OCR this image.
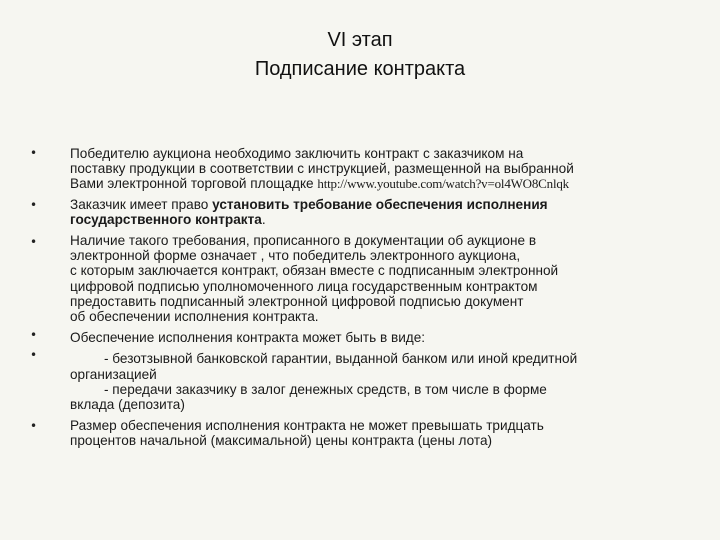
VI этап
Подписание контракта
•
•
•
•
•
•
Победителю аукциона необходимо заключить контракт с заказчиком на
поставку продукции в соответствии с инструкцией, размещенной на выбранной
Вами электронной торговой площадке http://www.youtube.com/watch?v=ol4WO8Cnlqk
Заказчик имеет право установить требование обеспечения исполнения
государственного контракта.
Наличие такого требования, прописанного в документации об аукционе в
электронной форме означает , что победитель электронного аукциона,
с которым заключается контракт, обязан вместе с подписанным электронной
цифровой подписью уполномоченного лица государственным контрактом
предоставить подписанный электронной цифровой подписью документ
об обеспечении исполнения контракта.
Обеспечение исполнения контракта может быть в виде:
- безотзывной банковской гарантии, выданной банком или иной кредитной
организацией
- передачи заказчику в залог денежных средств, в том числе в форме
вклада (депозита)
Размер обеспечения исполнения контракта не может превышать тридцать
процентов начальной (максимальной) цены контракта (цены лота)
